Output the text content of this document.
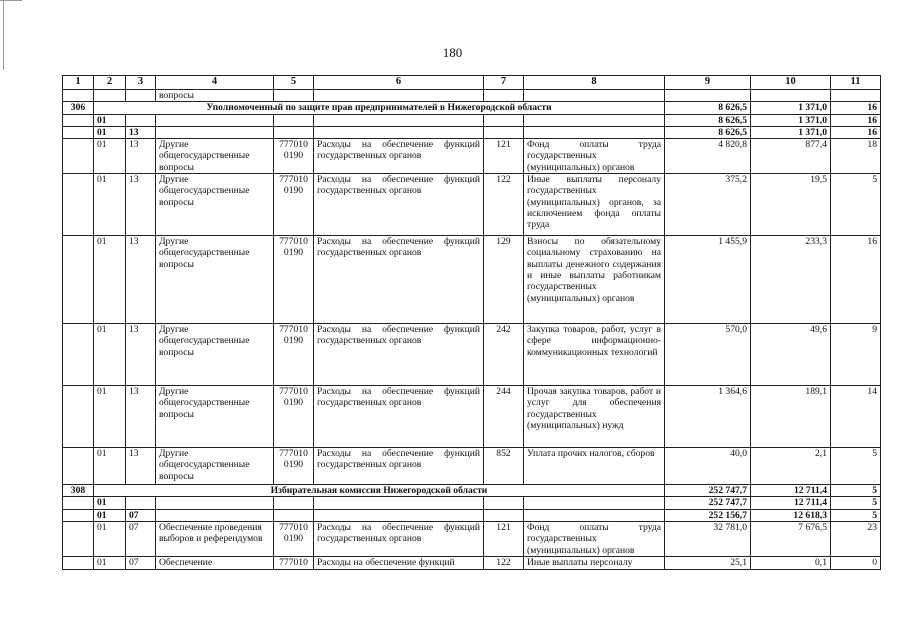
180
1	2	3	4	5	6	7	8	9	10	11
			вопросы							
306	Уполномоченный по защите прав предпринимателей в Нижегородской области							8 626,5	1 371,0	16
	01							8 626,5	1 371,0	16
	01	13						8 626,5	1 371,0	16
	01	13	Другие общегосударственные вопросы	777010 0190	Расходы на обеспечение функций государственных органов	121	Фонд оплаты труда государственных (муниципальных) органов	4 820,8	877,4	18
	01	13	Другие общегосударственные вопросы	777010 0190	Расходы на обеспечение функций государственных органов	122	Иные выплаты персоналу государственных (муниципальных) органов, за исключением фонда оплаты труда	375,2	19,5	5
	01	13	Другие общегосударственные вопросы	777010 0190	Расходы на обеспечение функций государственных органов	129	Взносы по обязательному социальному страхованию на выплаты денежного содержания и иные выплаты работникам государственных (муниципальных) органов	1 455,9	233,3	16
	01	13	Другие общегосударственные вопросы	777010 0190	Расходы на обеспечение функций государственных органов	242	Закупка товаров, работ, услуг в сфере информационно-коммуникационных технологий	570,0	49,6	9
	01	13	Другие общегосударственные вопросы	777010 0190	Расходы на обеспечение функций государственных органов	244	Прочая закупка товаров, работ и услуг для обеспечения государственных (муниципальных) нужд	1 364,6	189,1	14
	01	13	Другие общегосударственные вопросы	777010 0190	Расходы на обеспечение функций государственных органов	852	Уплата прочих налогов, сборов	40,0	2,1	5
308	Избирательная комиссия Нижегородской области							252 747,7	12 711,4	5
	01							252 747,7	12 711,4	5
	01	07						252 156,7	12 618,3	5
	01	07	Обеспечение проведения выборов и референдумов	777010 0190	Расходы на обеспечение функций государственных органов	121	Фонд оплаты труда государственных (муниципальных) органов	32 781,0	7 676,5	23
	01	07	Обеспечение	777010	Расходы на обеспечение функций	122	Иные выплаты персоналу	25,1	0,1	0
